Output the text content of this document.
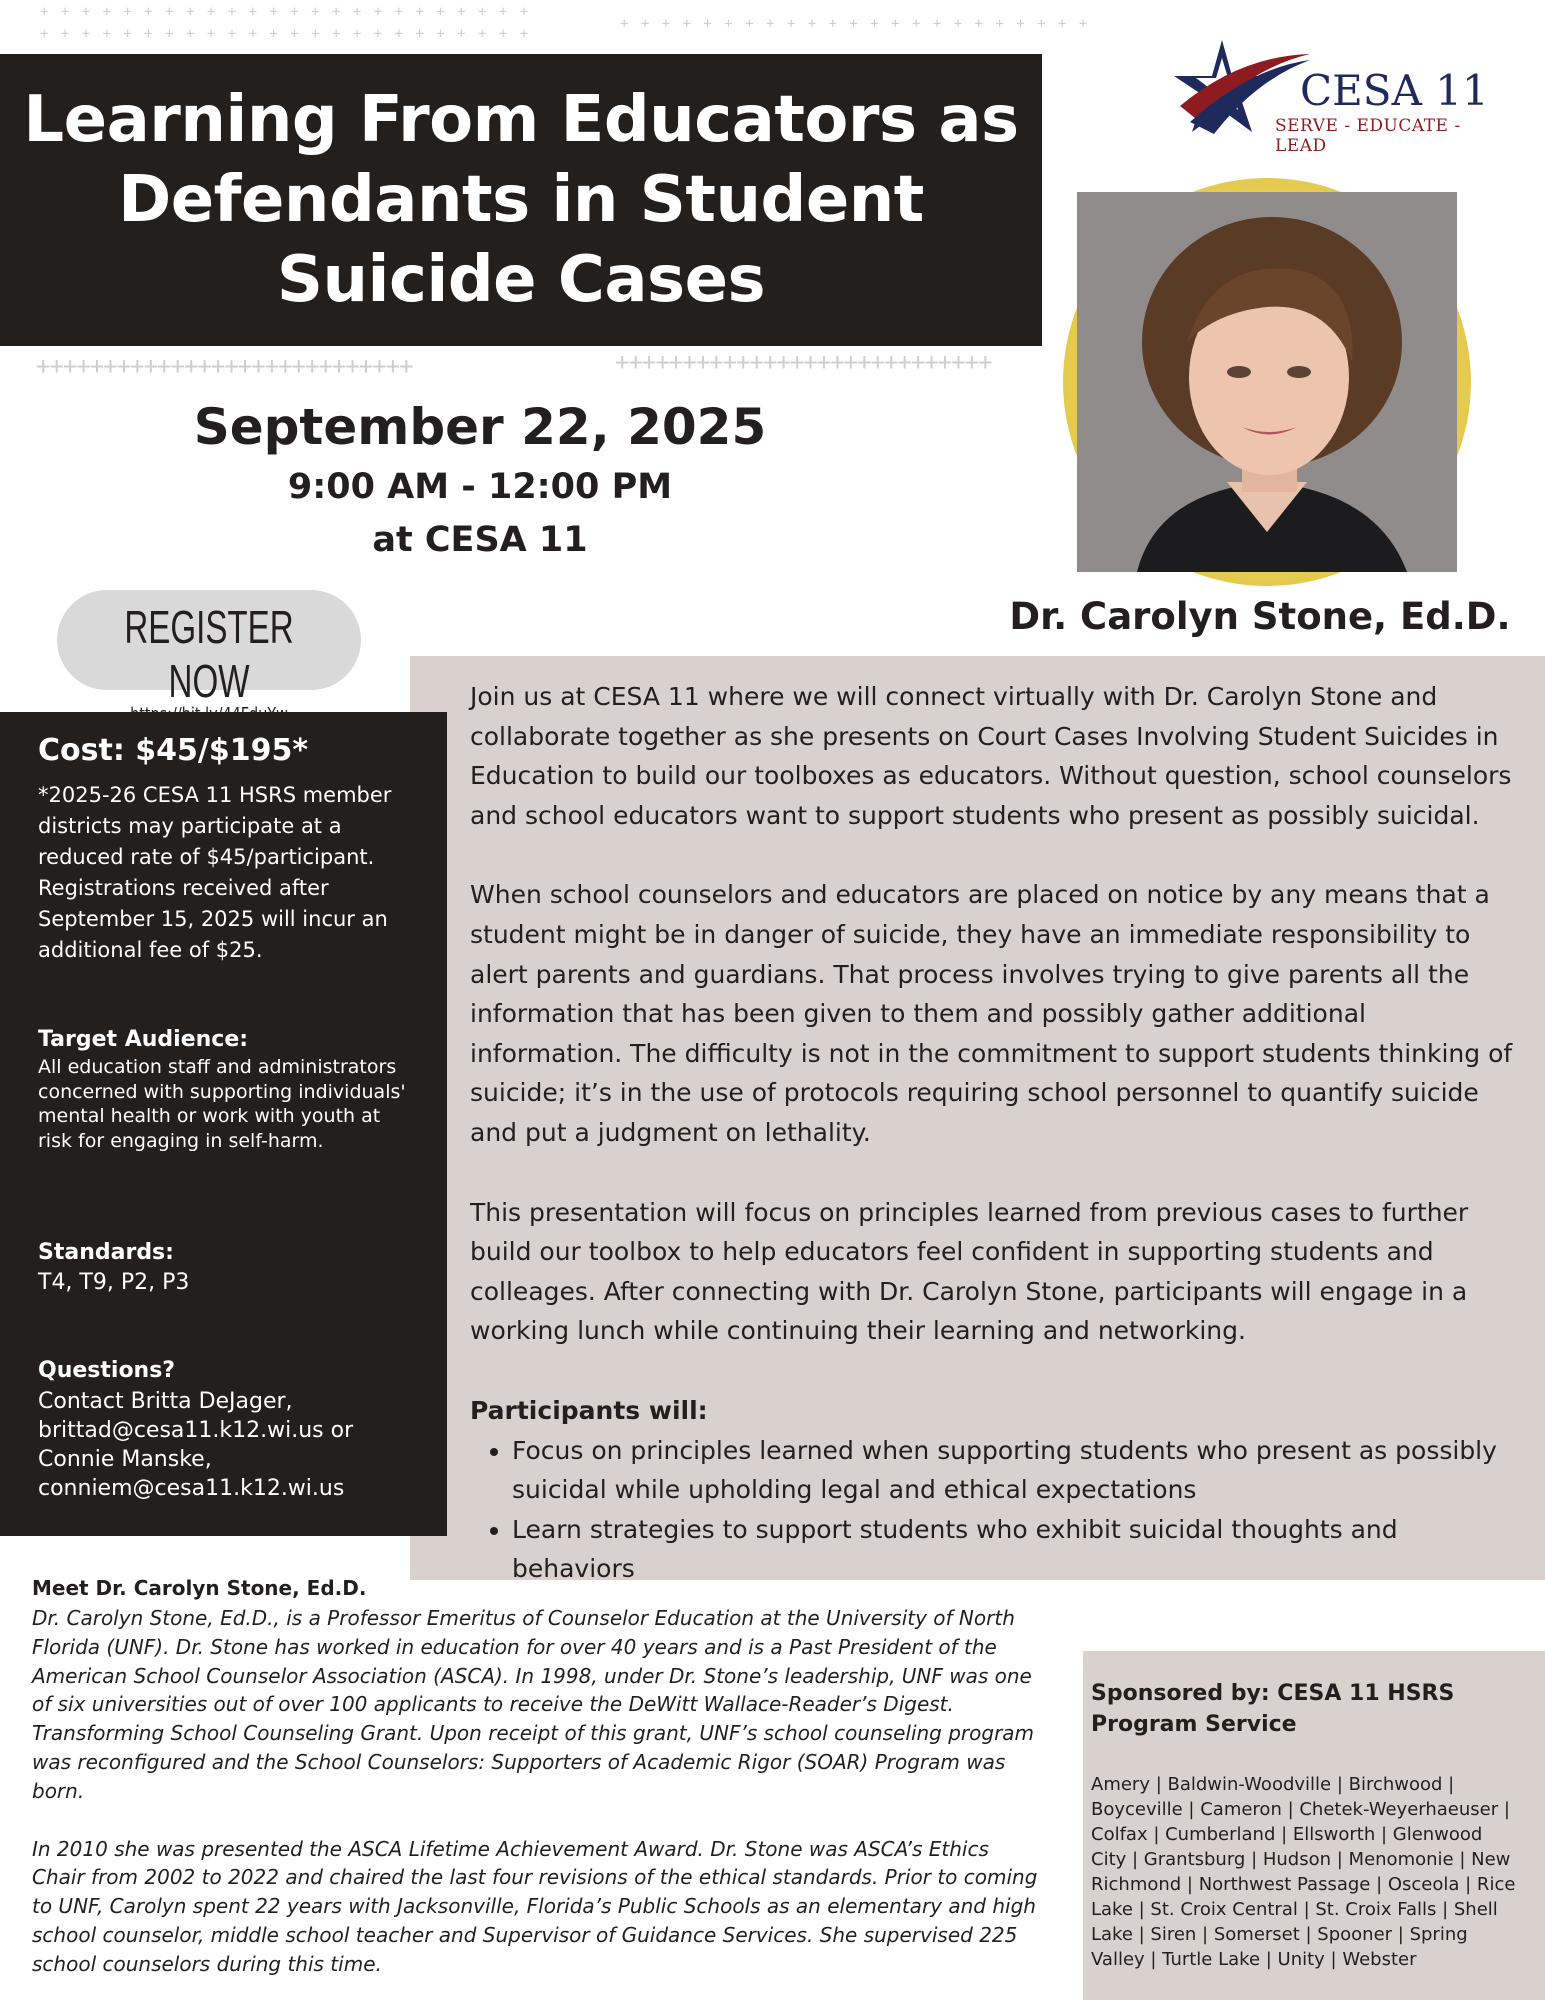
+ + + + + + + + + + + + + + + + + + + + + + + +
+ + + + + + + + + + + + + + + + + + + + + + + +
+ + + + + + + + + + + + + + + + + + + + + + +
++++++++++++++++++++++++++++	++++++++++++++++++++++++++++
Learning From Educators as
Defendants in Student
Suicide Cases
CESA 11
SERVE - EDUCATE - LEAD
September 22, 2025
9:00 AM - 12:00 PM
at CESA 11
Dr. Carolyn Stone, Ed.D.
REGISTER NOW	Join us at CESA 11 where we will connect virtually with Dr. Carolyn Stone and collaborate together as she presents on Court Cases Involving Student Suicides in Education to build our toolboxes as educators. Without question, school counselors and school educators want to support students who present as possibly suicidal.

When school counselors and educators are placed on notice by any means that a student might be in danger of suicide, they have an immediate responsibility to alert parents and guardians. That process involves trying to give parents all the information that has been given to them and possibly gather additional information. The difficulty is not in the commitment to support students thinking of suicide; it’s in the use of protocols requiring school personnel to quantify suicide and put a judgment on lethality.

This presentation will focus on principles learned from previous cases to further build our toolbox to help educators feel confident in supporting students and colleages. After connecting with Dr. Carolyn Stone, participants will engage in a working lunch while continuing their learning and networking.

Participants will:

• Focus on principles learned when supporting students who present as possibly suicidal while upholding legal and ethical expectations
• Learn strategies to support students who exhibit suicidal thoughts and behaviors
Cost: $45/$195*
*2025-26 CESA 11 HSRS member districts may participate at a reduced rate of $45/participant. Registrations received after September 15, 2025 will incur an additional fee of $25.
Target Audience:
All education staff and administrators concerned with supporting individuals' mental health or work with youth at risk for engaging in self-harm.
Standards:
T4, T9, P2, P3
Questions?
Contact Britta DeJager,
brittad@cesa11.k12.wi.us or
Connie Manske,
conniem@cesa11.k12.wi.us
Meet Dr. Carolyn Stone, Ed.D.

Dr. Carolyn Stone, Ed.D., is a Professor Emeritus of Counselor Education at the University of North Florida (UNF). Dr. Stone has worked in education for over 40 years and is a Past President of the American School Counselor Association (ASCA). In 1998, under Dr. Stone’s leadership, UNF was one of six universities out of over 100 applicants to receive the DeWitt Wallace-Reader’s Digest. Transforming School Counseling Grant. Upon receipt of this grant, UNF’s school counseling program was reconfigured and the School Counselors: Supporters of Academic Rigor (SOAR) Program was born.

In 2010 she was presented the ASCA Lifetime Achievement Award. Dr. Stone was ASCA’s Ethics Chair from 2002 to 2022 and chaired the last four revisions of the ethical standards. Prior to coming to UNF, Carolyn spent 22 years with Jacksonville, Florida’s Public Schools as an elementary and high school counselor, middle school teacher and Supervisor of Guidance Services. She supervised 225 school counselors during this time.

Sponsored by: CESA 11 HSRS Program Service
Amery | Baldwin-Woodville | Birchwood | Boyceville | Cameron | Chetek-Weyerhaeuser | Colfax | Cumberland | Ellsworth | Glenwood City | Grantsburg | Hudson | Menomonie | New Richmond | Northwest Passage | Osceola | Rice Lake | St. Croix Central | St. Croix Falls | Shell Lake | Siren | Somerset | Spooner | Spring Valley | Turtle Lake | Unity | Webster
